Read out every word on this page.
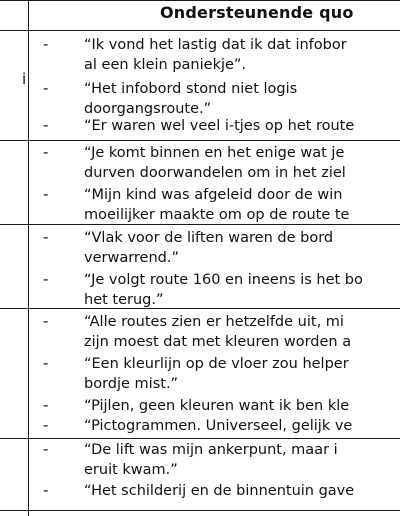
Ondersteunende quo
i
- “Ik vond het lastig dat ik dat infobor
al een klein paniekje”.
- “Het infobord stond niet logis
doorgangsroute.”
- “Er waren wel veel i-tjes op het route
- “Je komt binnen en het enige wat je
durven doorwandelen om in het ziel
- “Mijn kind was afgeleid door de win
moeilijker maakte om op de route te
- “Vlak voor de liften waren de bord
verwarrend.”
- “Je volgt route 160 en ineens is het bo
het terug.”
- “Alle routes zien er hetzelfde uit, mi
zijn moest dat met kleuren worden a
- “Een kleurlijn op de vloer zou helper
bordje mist.”
- “Pijlen, geen kleuren want ik ben kle
- “Pictogrammen. Universeel, gelijk ve
- “De lift was mijn ankerpunt, maar i
eruit kwam.”
- “Het schilderij en de binnentuin gave
